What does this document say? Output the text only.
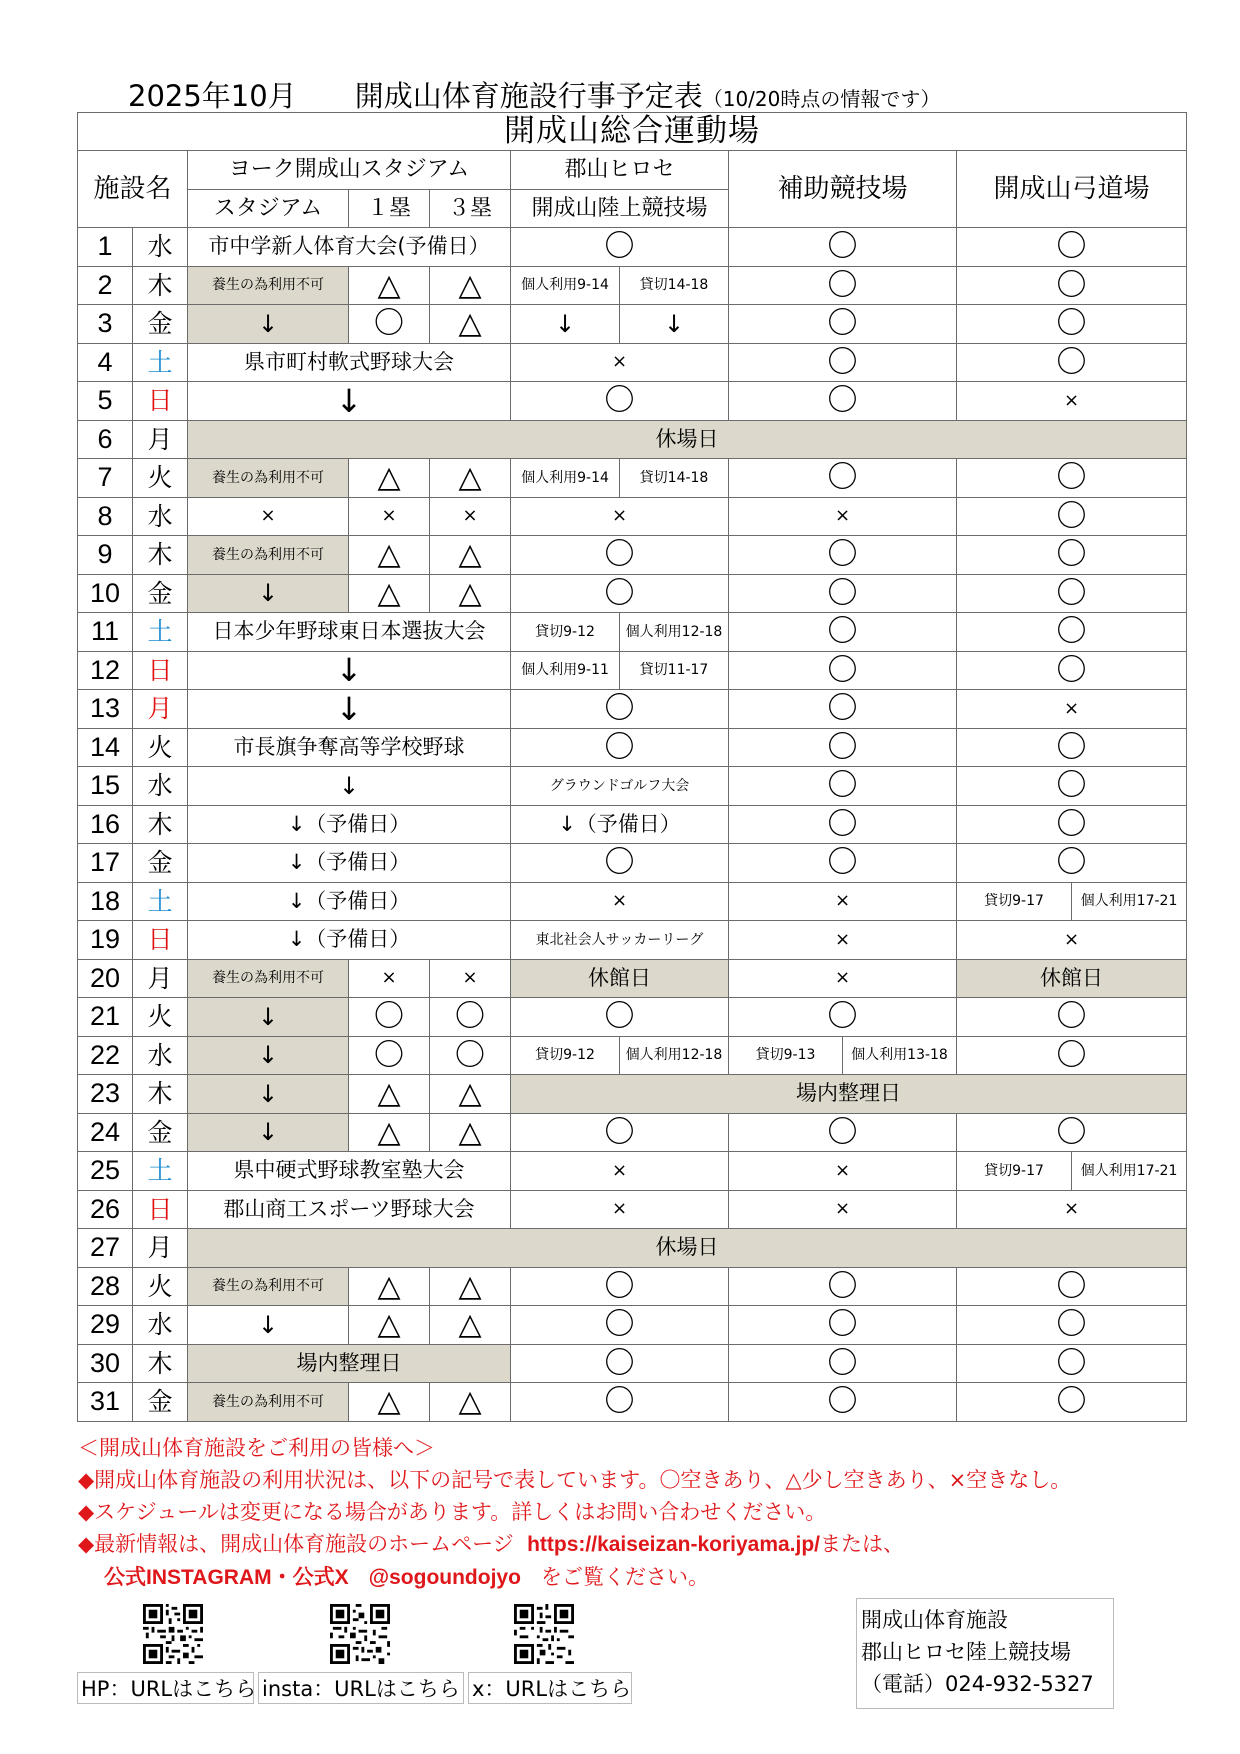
2025年10月 開成山体育施設行事予定表（10/20時点の情報です）
開成山総合運動場										
施設名		ヨーク開成山スタジアム			郡山ヒロセ		補助競技場		開成山弓道場	
		スタジアム	１塁	３塁	開成山陸上競技場					
1	水	市中学新人体育大会(予備日）			〇		〇		〇	
2	木	養生の為利用不可	△	△	個人利用9-14	貸切14-18	〇		〇	
3	金	↓	〇	△	↓	↓	〇		〇	
4	土	県市町村軟式野球大会			×		〇		〇	
5	日	↓			〇		〇		×	
6	月	休場日								
7	火	養生の為利用不可	△	△	個人利用9-14	貸切14-18	〇		〇	
8	水	×	×	×	×		×		〇	
9	木	養生の為利用不可	△	△	〇		〇		〇	
10	金	↓	△	△	〇		〇		〇	
11	土	日本少年野球東日本選抜大会			貸切9-12	個人利用12-18	〇		〇	
12	日	↓			個人利用9-11	貸切11-17	〇		〇	
13	月	↓			〇		〇		×	
14	火	市長旗争奪高等学校野球			〇		〇		〇	
15	水	↓			グラウンドゴルフ大会		〇		〇	
16	木	↓（予備日）			↓（予備日）		〇		〇	
17	金	↓（予備日）			〇		〇		〇	
18	土	↓（予備日）			×		×		貸切9-17	個人利用17-21
19	日	↓（予備日）			東北社会人サッカーリーグ		×		×	
20	月	養生の為利用不可	×	×	休館日		×		休館日	
21	火	↓	〇	〇	〇		〇		〇	
22	水	↓	〇	〇	貸切9-12	個人利用12-18	貸切9-13	個人利用13-18	〇	
23	木	↓	△	△	場内整理日					
24	金	↓	△	△	〇		〇		〇	
25	土	県中硬式野球教室塾大会			×		×		貸切9-17	個人利用17-21
26	日	郡山商工スポーツ野球大会			×		×		×	
27	月	休場日								
28	火	養生の為利用不可	△	△	〇		〇		〇	
29	水	↓	△	△	〇		〇		〇	
30	木	場内整理日			〇		〇		〇	
31	金	養生の為利用不可	△	△	〇		〇		〇	
＜開成山体育施設をご利用の皆様へ＞
◆開成山体育施設の利用状況は、以下の記号で表しています。〇空きあり、△少し空きあり、×空きなし。
◆スケジュールは変更になる場合があります。詳しくはお問い合わせください。
◆最新情報は、開成山体育施設のホームページ https://kaiseizan-koriyama.jp/または、
公式INSTAGRAM・公式X @sogoundojyo をご覧ください。
HP：URLはこちら insta：URLはこちら x：URLはこちら
開成山体育施設
郡山ヒロセ陸上競技場
（電話）024-932-5327
